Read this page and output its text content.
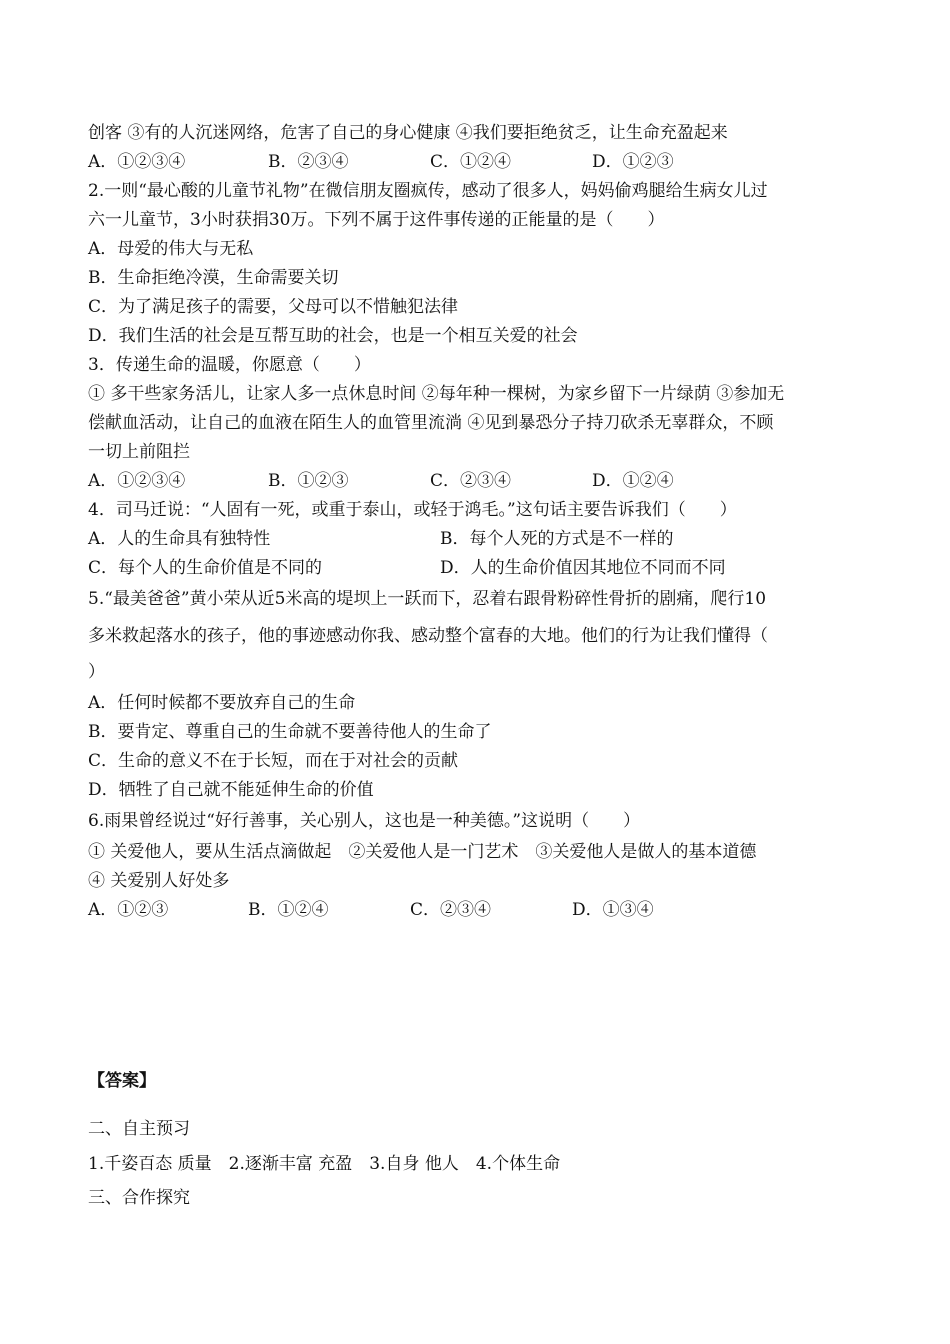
创客 ③有的人沉迷网络，危害了自己的身心健康 ④我们要拒绝贫乏，让生命充盈起来
A．①②③④	B．②③④	C．①②④	D．①②③
2.一则“最心酸的儿童节礼物”在微信朋友圈疯传，感动了很多人，妈妈偷鸡腿给生病女儿过
六一儿童节，3小时获捐30万。下列不属于这件事传递的正能量的是（　　）
A．母爱的伟大与无私
B．生命拒绝冷漠，生命需要关切
C．为了满足孩子的需要，父母可以不惜触犯法律
D．我们生活的社会是互帮互助的社会，也是一个相互关爱的社会
3．传递生命的温暖，你愿意（　　）
① 多干些家务活儿，让家人多一点休息时间 ②每年种一棵树，为家乡留下一片绿荫 ③参加无
偿献血活动，让自己的血液在陌生人的血管里流淌 ④见到暴恐分子持刀砍杀无辜群众，不顾
一切上前阻拦
A．①②③④	B．①②③	C．②③④	D．①②④
4．司马迁说：“人固有一死，或重于泰山，或轻于鸿毛。”这句话主要告诉我们（　　）
A．人的生命具有独特性	B．每个人死的方式是不一样的
C．每个人的生命价值是不同的	D．人的生命价值因其地位不同而不同
5.“最美爸爸”黄小荣从近5米高的堤坝上一跃而下，忍着右跟骨粉碎性骨折的剧痛，爬行10
多米救起落水的孩子，他的事迹感动你我、感动整个富春的大地。他们的行为让我们懂得（
）
A．任何时候都不要放弃自己的生命
B．要肯定、尊重自己的生命就不要善待他人的生命了
C．生命的意义不在于长短，而在于对社会的贡献
D．牺牲了自己就不能延伸生命的价值
6.雨果曾经说过“好行善事，关心别人，这也是一种美德。”这说明（　　）
① 关爱他人，要从生活点滴做起　②关爱他人是一门艺术　③关爱他人是做人的基本道德
④ 关爱别人好处多
A．①②③	B．①②④	C．②③④	D．①③④
【答案】
二、自主预习
1.千姿百态 质量　2.逐渐丰富 充盈　3.自身 他人　4.个体生命
三、合作探究
